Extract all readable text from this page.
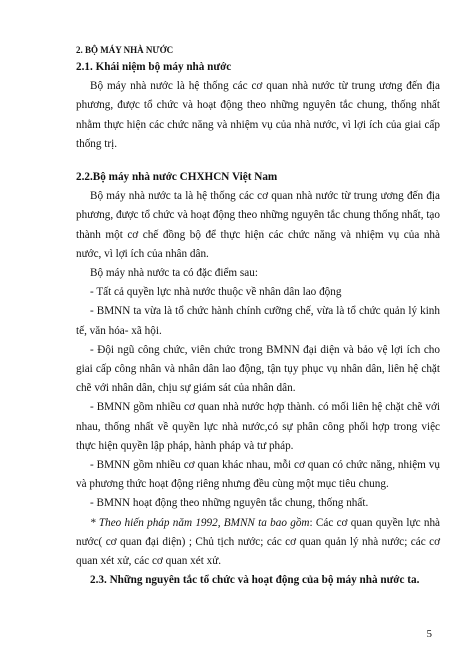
2. BỘ MÁY NHÀ NƯỚC

2.1. Khái niệm bộ máy nhà nước

Bộ máy nhà nước là hệ thống các cơ quan nhà nước từ trung ương đến địa phương, được tổ chức và hoạt động theo những nguyên tắc chung, thống nhất nhằm thực hiện các chức năng và nhiệm vụ của nhà nước, vì lợi ích của giai cấp thống trị.

2.2.Bộ máy nhà nước CHXHCN Việt Nam

Bộ máy nhà nước ta là hệ thống các cơ quan nhà nước từ trung ương đến địa phương, được tổ chức và hoạt động theo những nguyên tắc chung thống nhất, tạo thành một cơ chế đồng bộ để thực hiện các chức năng và nhiệm vụ của nhà nước, vì lợi ích của nhân dân.

Bộ máy nhà nước ta có đặc điểm sau:

- Tất cả quyền lực nhà nước thuộc về nhân dân lao động

- BMNN ta vừa là tổ chức hành chính cưỡng chế, vừa là tổ chức quản lý kinh tế, văn hóa- xã hội.

- Đội ngũ công chức, viên chức trong BMNN đại diện và bảo vệ lợi ích cho giai cấp công nhân và nhân dân lao động, tận tụy phục vụ nhân dân, liên hệ chặt chẽ với nhân dân, chịu sự giám sát của nhân dân.

- BMNN gồm nhiều cơ quan nhà nước hợp thành. có mối liên hệ chặt chẽ với nhau, thống nhất về quyền lực nhà nước,có sự phân công phối hợp trong việc thực hiện quyền lập pháp, hành pháp và tư pháp.

- BMNN gồm nhiều cơ quan khác nhau, mỗi cơ quan có chức năng, nhiệm vụ và phương thức hoạt động riêng nhưng đều cùng một mục tiêu chung.

- BMNN hoạt động theo những nguyên tắc chung, thống nhất.

* Theo hiến pháp năm 1992, BMNN ta bao gồm: Các cơ quan quyền lực nhà nước( cơ quan đại diện) ; Chủ tịch nước; các cơ quan quản lý nhà nước; các cơ quan xét xử, các cơ quan xét xử.

2.3. Những nguyên tắc tổ chức và hoạt động của bộ máy nhà nước ta.

5
